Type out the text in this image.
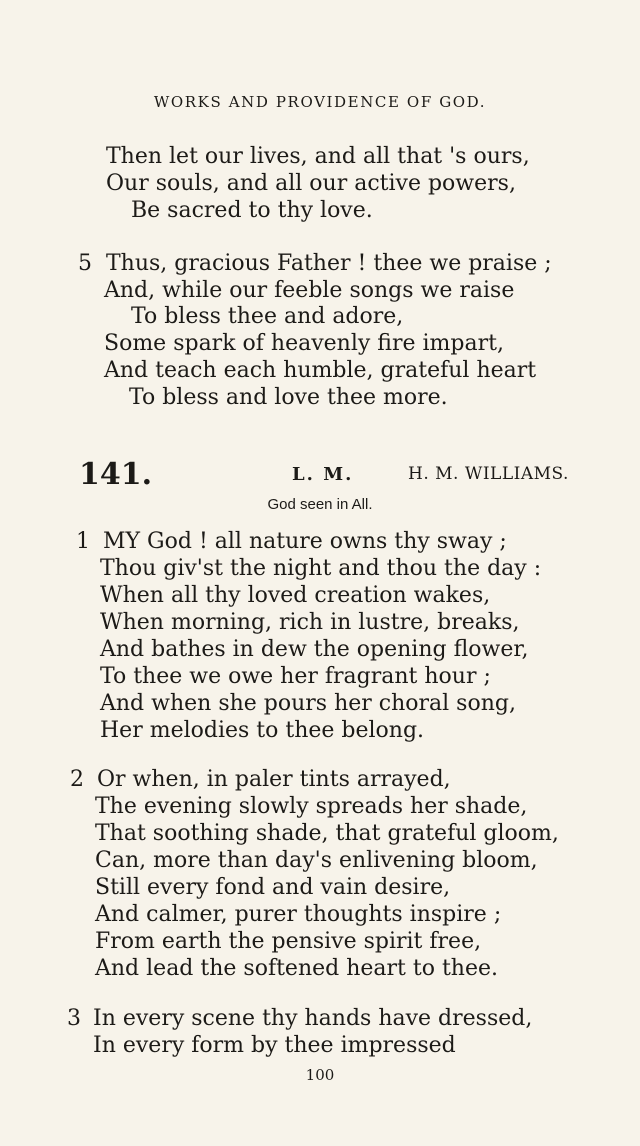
WORKS AND PROVIDENCE OF GOD.
Then let our lives, and all that 's ours,
Our souls, and all our active powers,
Be sacred to thy love.
5 Thus, gracious Father ! thee we praise ;
And, while our feeble songs we raise
To bless thee and adore,
Some spark of heavenly fire impart,
And teach each humble, grateful heart
To bless and love thee more.
141.	L. M.	H. M. WILLIAMS.
God seen in All.
1 MY God ! all nature owns thy sway ;
Thou giv'st the night and thou the day :
When all thy loved creation wakes,
When morning, rich in lustre, breaks,
And bathes in dew the opening flower,
To thee we owe her fragrant hour ;
And when she pours her choral song,
Her melodies to thee belong.
2 Or when, in paler tints arrayed,
The evening slowly spreads her shade,
That soothing shade, that grateful gloom,
Can, more than day's enlivening bloom,
Still every fond and vain desire,
And calmer, purer thoughts inspire ;
From earth the pensive spirit free,
And lead the softened heart to thee.
3 In every scene thy hands have dressed,
In every form by thee impressed
100
